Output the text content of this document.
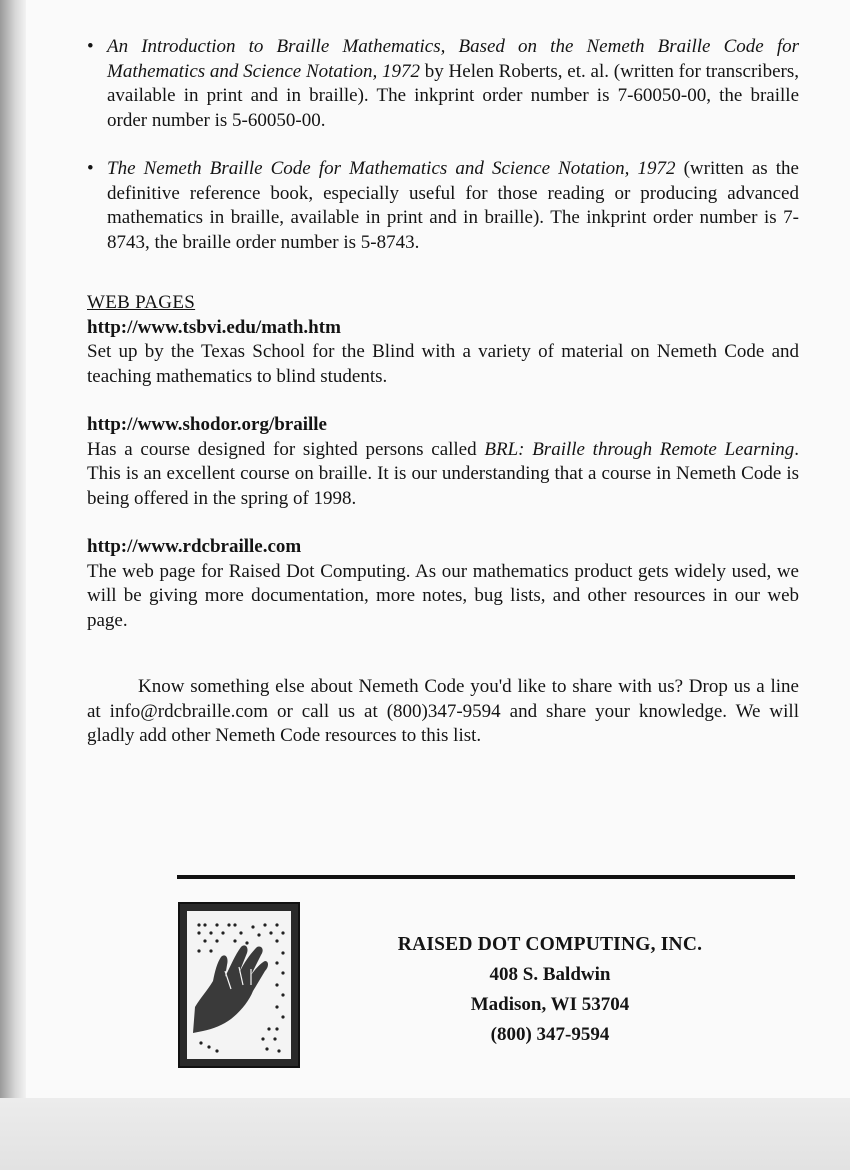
• An Introduction to Braille Mathematics, Based on the Nemeth Braille Code for Mathematics and Science Notation, 1972 by Helen Roberts, et. al. (written for transcribers, available in print and in braille). The inkprint order number is 7-60050-00, the braille order number is 5-60050-00.
• The Nemeth Braille Code for Mathematics and Science Notation, 1972 (written as the definitive reference book, especially useful for those reading or producing advanced mathematics in braille, available in print and in braille). The inkprint order number is 7-8743, the braille order number is 5-8743.
WEB PAGES
http://www.tsbvi.edu/math.htm
Set up by the Texas School for the Blind with a variety of material on Nemeth Code and teaching mathematics to blind students.
http://www.shodor.org/braille
Has a course designed for sighted persons called BRL: Braille through Remote Learning. This is an excellent course on braille. It is our understanding that a course in Nemeth Code is being offered in the spring of 1998.
http://www.rdcbraille.com
The web page for Raised Dot Computing. As our mathematics product gets widely used, we will be giving more documentation, more notes, bug lists, and other resources in our web page.
Know something else about Nemeth Code you'd like to share with us? Drop us a line at info@rdcbraille.com or call us at (800)347-9594 and share your knowledge. We will gladly add other Nemeth Code resources to this list.
RAISED DOT COMPUTING, INC.
408 S. Baldwin
Madison, WI 53704
(800) 347-9594
